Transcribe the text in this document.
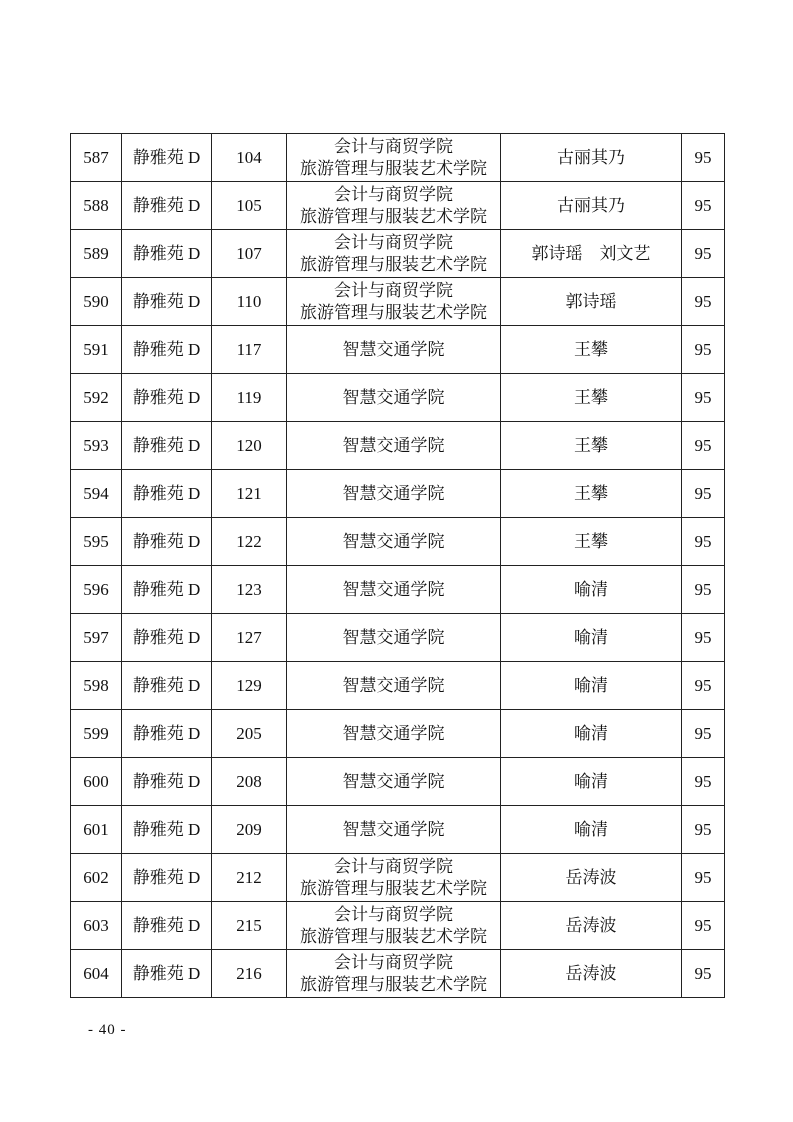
587	静雅苑 D	104	会计与商贸学院
旅游管理与服装艺术学院	古丽其乃	95
588	静雅苑 D	105	会计与商贸学院
旅游管理与服装艺术学院	古丽其乃	95
589	静雅苑 D	107	会计与商贸学院
旅游管理与服装艺术学院	郭诗瑶　刘文艺	95
590	静雅苑 D	110	会计与商贸学院
旅游管理与服装艺术学院	郭诗瑶	95
591	静雅苑 D	117	智慧交通学院	王攀	95
592	静雅苑 D	119	智慧交通学院	王攀	95
593	静雅苑 D	120	智慧交通学院	王攀	95
594	静雅苑 D	121	智慧交通学院	王攀	95
595	静雅苑 D	122	智慧交通学院	王攀	95
596	静雅苑 D	123	智慧交通学院	喻清	95
597	静雅苑 D	127	智慧交通学院	喻清	95
598	静雅苑 D	129	智慧交通学院	喻清	95
599	静雅苑 D	205	智慧交通学院	喻清	95
600	静雅苑 D	208	智慧交通学院	喻清	95
601	静雅苑 D	209	智慧交通学院	喻清	95
602	静雅苑 D	212	会计与商贸学院
旅游管理与服装艺术学院	岳涛波	95
603	静雅苑 D	215	会计与商贸学院
旅游管理与服装艺术学院	岳涛波	95
604	静雅苑 D	216	会计与商贸学院
旅游管理与服装艺术学院	岳涛波	95
- 40 -
